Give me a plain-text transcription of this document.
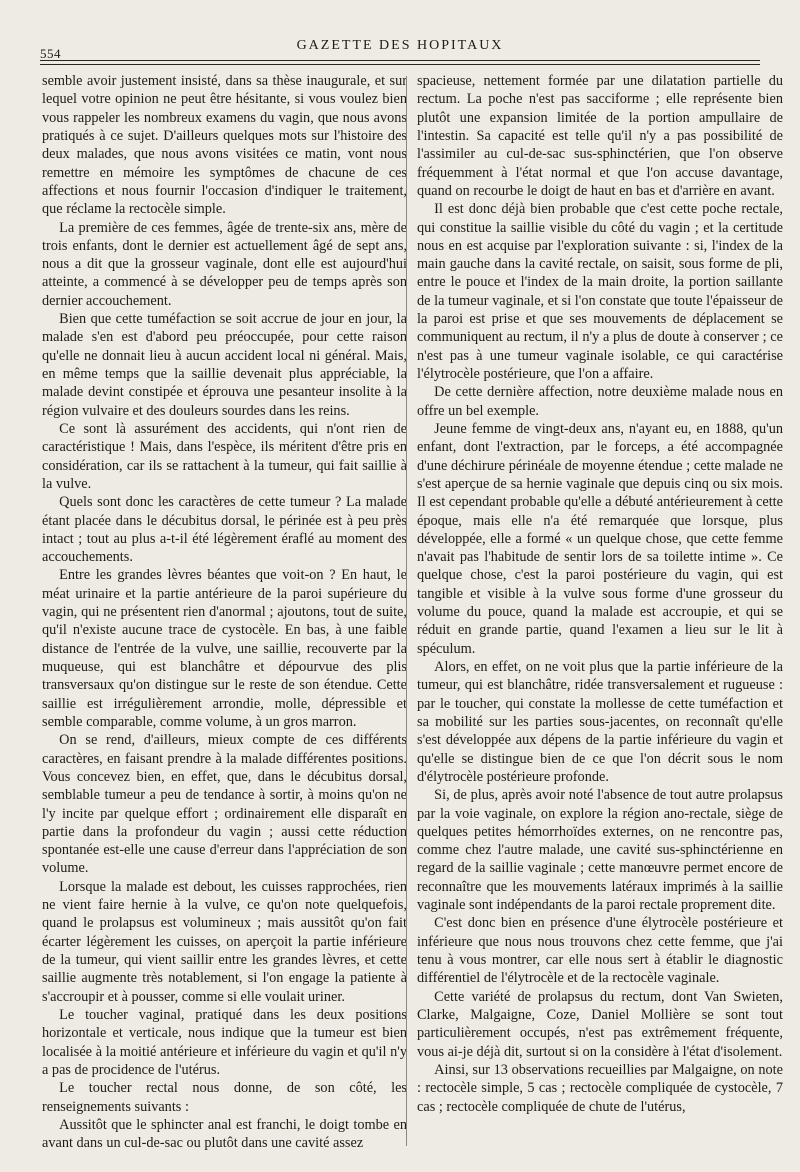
554
GAZETTE DES HOPITAUX

semble avoir justement insisté, dans sa thèse inaugurale, et sur lequel votre opinion ne peut être hésitante, si vous voulez bien vous rappeler les nombreux examens du vagin, que nous avons pratiqués à ce sujet. D'ailleurs quelques mots sur l'histoire des deux malades, que nous avons visitées ce matin, vont nous remettre en mémoire les symptômes de chacune de ces affections et nous fournir l'occasion d'indiquer le traitement, que réclame la rectocèle simple.

La première de ces femmes, âgée de trente-six ans, mère de trois enfants, dont le dernier est actuellement âgé de sept ans, nous a dit que la grosseur vaginale, dont elle est aujourd'hui atteinte, a commencé à se développer peu de temps après son dernier accouchement.

Bien que cette tuméfaction se soit accrue de jour en jour, la malade s'en est d'abord peu préoccupée, pour cette raison qu'elle ne donnait lieu à aucun accident local ni général. Mais, en même temps que la saillie devenait plus appréciable, la malade devint constipée et éprouva une pesanteur insolite à la région vulvaire et des douleurs sourdes dans les reins.

Ce sont là assurément des accidents, qui n'ont rien de caractéristique ! Mais, dans l'espèce, ils méritent d'être pris en considération, car ils se rattachent à la tumeur, qui fait saillie à la vulve.

Quels sont donc les caractères de cette tumeur ? La malade étant placée dans le décubitus dorsal, le périnée est à peu près intact ; tout au plus a-t-il été légèrement éraflé au moment des accouchements.

Entre les grandes lèvres béantes que voit-on ? En haut, le méat urinaire et la partie antérieure de la paroi supérieure du vagin, qui ne présentent rien d'anormal ; ajoutons, tout de suite, qu'il n'existe aucune trace de cystocèle. En bas, à une faible distance de l'entrée de la vulve, une saillie, recouverte par la muqueuse, qui est blanchâtre et dépourvue des plis transversaux qu'on distingue sur le reste de son étendue. Cette saillie est irrégulièrement arrondie, molle, dépressible et semble comparable, comme volume, à un gros marron.

On se rend, d'ailleurs, mieux compte de ces différents caractères, en faisant prendre à la malade différentes positions. Vous concevez bien, en effet, que, dans le décubitus dorsal, semblable tumeur a peu de tendance à sortir, à moins qu'on ne l'y incite par quelque effort ; ordinairement elle disparaît en partie dans la profondeur du vagin ; aussi cette réduction spontanée est-elle une cause d'erreur dans l'appréciation de son volume.

Lorsque la malade est debout, les cuisses rapprochées, rien ne vient faire hernie à la vulve, ce qu'on note quelquefois, quand le prolapsus est volumineux ; mais aussitôt qu'on fait écarter légèrement les cuisses, on aperçoit la partie inférieure de la tumeur, qui vient saillir entre les grandes lèvres, et cette saillie augmente très notablement, si l'on engage la patiente à s'accroupir et à pousser, comme si elle voulait uriner.

Le toucher vaginal, pratiqué dans les deux positions horizontale et verticale, nous indique que la tumeur est bien localisée à la moitié antérieure et inférieure du vagin et qu'il n'y a pas de procidence de l'utérus.

Le toucher rectal nous donne, de son côté, les renseignements suivants :

Aussitôt que le sphincter anal est franchi, le doigt tombe en avant dans un cul-de-sac ou plutôt dans une cavité assez

spacieuse, nettement formée par une dilatation partielle du rectum. La poche n'est pas sacciforme ; elle représente bien plutôt une expansion limitée de la portion ampullaire de l'intestin. Sa capacité est telle qu'il n'y a pas possibilité de l'assimiler au cul-de-sac sus-sphinctérien, que l'on observe fréquemment à l'état normal et que l'on accuse davantage, quand on recourbe le doigt de haut en bas et d'arrière en avant.

Il est donc déjà bien probable que c'est cette poche rectale, qui constitue la saillie visible du côté du vagin ; et la certitude nous en est acquise par l'exploration suivante : si, l'index de la main gauche dans la cavité rectale, on saisit, sous forme de pli, entre le pouce et l'index de la main droite, la portion saillante de la tumeur vaginale, et si l'on constate que toute l'épaisseur de la paroi est prise et que ses mouvements de déplacement se communiquent au rectum, il n'y a plus de doute à conserver ; ce n'est pas à une tumeur vaginale isolable, ce qui caractérise l'élytrocèle postérieure, que l'on a affaire.

De cette dernière affection, notre deuxième malade nous en offre un bel exemple.

Jeune femme de vingt-deux ans, n'ayant eu, en 1888, qu'un enfant, dont l'extraction, par le forceps, a été accompagnée d'une déchirure périnéale de moyenne étendue ; cette malade ne s'est aperçue de sa hernie vaginale que depuis cinq ou six mois. Il est cependant probable qu'elle a débuté antérieurement à cette époque, mais elle n'a été remarquée que lorsque, plus développée, elle a formé « un quelque chose, que cette femme n'avait pas l'habitude de sentir lors de sa toilette intime ». Ce quelque chose, c'est la paroi postérieure du vagin, qui est tangible et visible à la vulve sous forme d'une grosseur du volume du pouce, quand la malade est accroupie, et qui se réduit en grande partie, quand l'examen a lieu sur le lit à spéculum.

Alors, en effet, on ne voit plus que la partie inférieure de la tumeur, qui est blanchâtre, ridée transversalement et rugueuse : par le toucher, qui constate la mollesse de cette tuméfaction et sa mobilité sur les parties sous-jacentes, on reconnaît qu'elle s'est développée aux dépens de la partie inférieure du vagin et qu'elle se distingue bien de ce que l'on décrit sous le nom d'élytrocèle postérieure profonde.

Si, de plus, après avoir noté l'absence de tout autre prolapsus par la voie vaginale, on explore la région ano-rectale, siège de quelques petites hémorrhoïdes externes, on ne rencontre pas, comme chez l'autre malade, une cavité sus-sphinctérienne en regard de la saillie vaginale ; cette manœuvre permet encore de reconnaître que les mouvements latéraux imprimés à la saillie vaginale sont indépendants de la paroi rectale proprement dite.

C'est donc bien en présence d'une élytrocèle postérieure et inférieure que nous nous trouvons chez cette femme, que j'ai tenu à vous montrer, car elle nous sert à établir le diagnostic différentiel de l'élytrocèle et de la rectocèle vaginale.

Cette variété de prolapsus du rectum, dont Van Swieten, Clarke, Malgaigne, Coze, Daniel Mollière se sont tout particulièrement occupés, n'est pas extrêmement fréquente, vous ai-je déjà dit, surtout si on la considère à l'état d'isolement.

Ainsi, sur 13 observations recueillies par Malgaigne, on note : rectocèle simple, 5 cas ; rectocèle compliquée de cystocèle, 7 cas ; rectocèle compliquée de chute de l'utérus,
